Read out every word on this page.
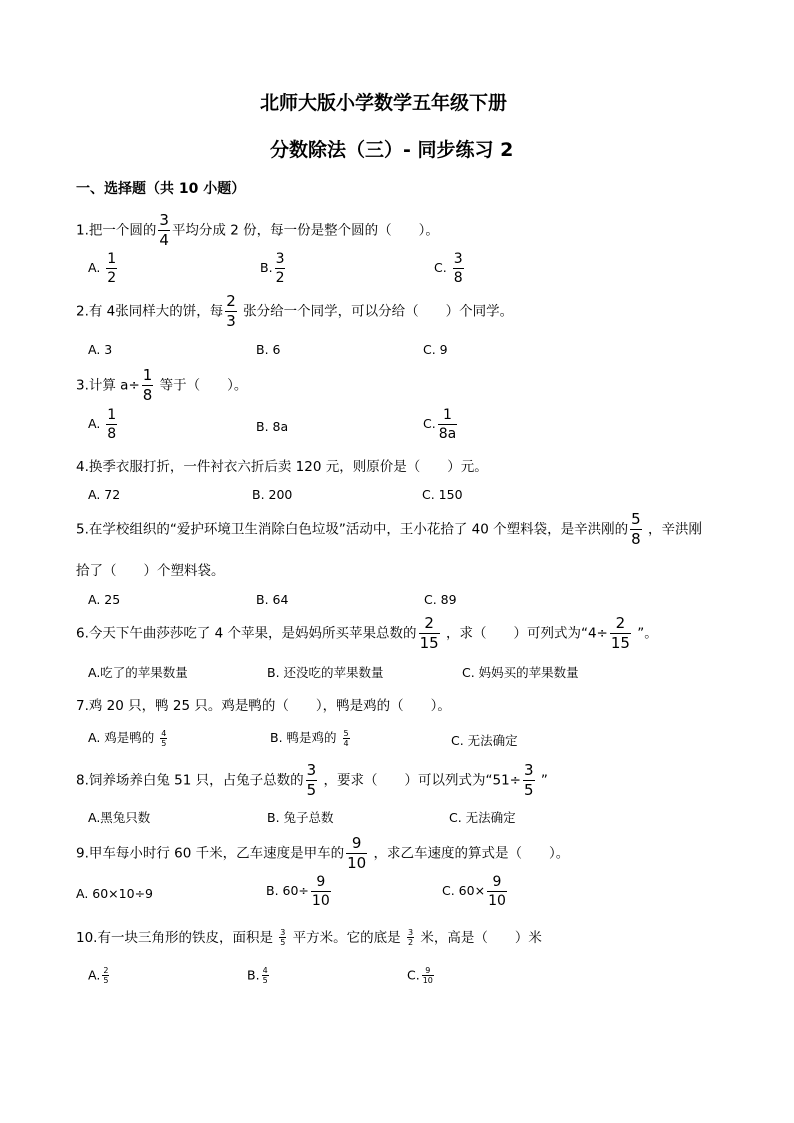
北师大版小学数学五年级下册
分数除法（三）- 同步练习 2
一、选择题（共 10 小题）
1.把一个圆的 $\frac{3}{4}$ 平均分成 2 份，每一份是整个圆的（　　）。
A. $\frac{1}{2}$	B. $\frac{3}{2}$	C. $\frac{3}{8}$
2.有 4张同样大的饼，每 $\frac{2}{3}$ 张分给一个同学，可以分给（　　）个同学。
A. 3	B. 6	C. 9
3.计算 $a\div \frac{1}{8}$ 等于（　　）。
A. $\frac{1}{8}$	B. 8a	C. $\frac{1}{8a}$
4.换季衣服打折，一件衬衣六折后卖 120 元，则原价是（　　）元。
A. 72	B. 200	C. 150
5.在学校组织的“爱护环境卫生消除白色垃圾”活动中，王小花拾了 40 个塑料袋，是辛洪刚的 $\frac{5}{8}$ ，辛洪刚
拾了（　　）个塑料袋。
A. 25	B. 64	C. 89
6.今天下午曲莎莎吃了 4 个苹果，是妈妈所买苹果总数的 $\frac{2}{15}$ ，求（　　）可列式为“$4\div \frac{2}{15}$ ”。
A.吃了的苹果数量	B. 还没吃的苹果数量	C. 妈妈买的苹果数量
7.鸡 20 只，鸭 25 只。鸡是鸭的（　　），鸭是鸡的（　　）。
A. 鸡是鸭的 $\frac{4}{5}$	B. 鸭是鸡的 $\frac{5}{4}$	C. 无法确定
8.饲养场养白兔 51 只，占兔子总数的 $\frac{3}{5}$ ，要求（　　）可以列式为“$51\div \frac{3}{5}$ ”
A.黑兔只数	B. 兔子总数	C. 无法确定
9.甲车每小时行 60 千米，乙车速度是甲车的 $\frac{9}{10}$ ，求乙车速度的算式是（　　）。
A. 60×10÷9	B. $60\div \frac{9}{10}$	C. $60\times \frac{9}{10}$
10.有一块三角形的铁皮，面积是 $\frac{3}{5}$ 平方米。它的底是 $\frac{3}{2}$ 米，高是（　　）米
A. $\frac{2}{5}$	B. $\frac{4}{5}$	C. $\frac{9}{10}$
